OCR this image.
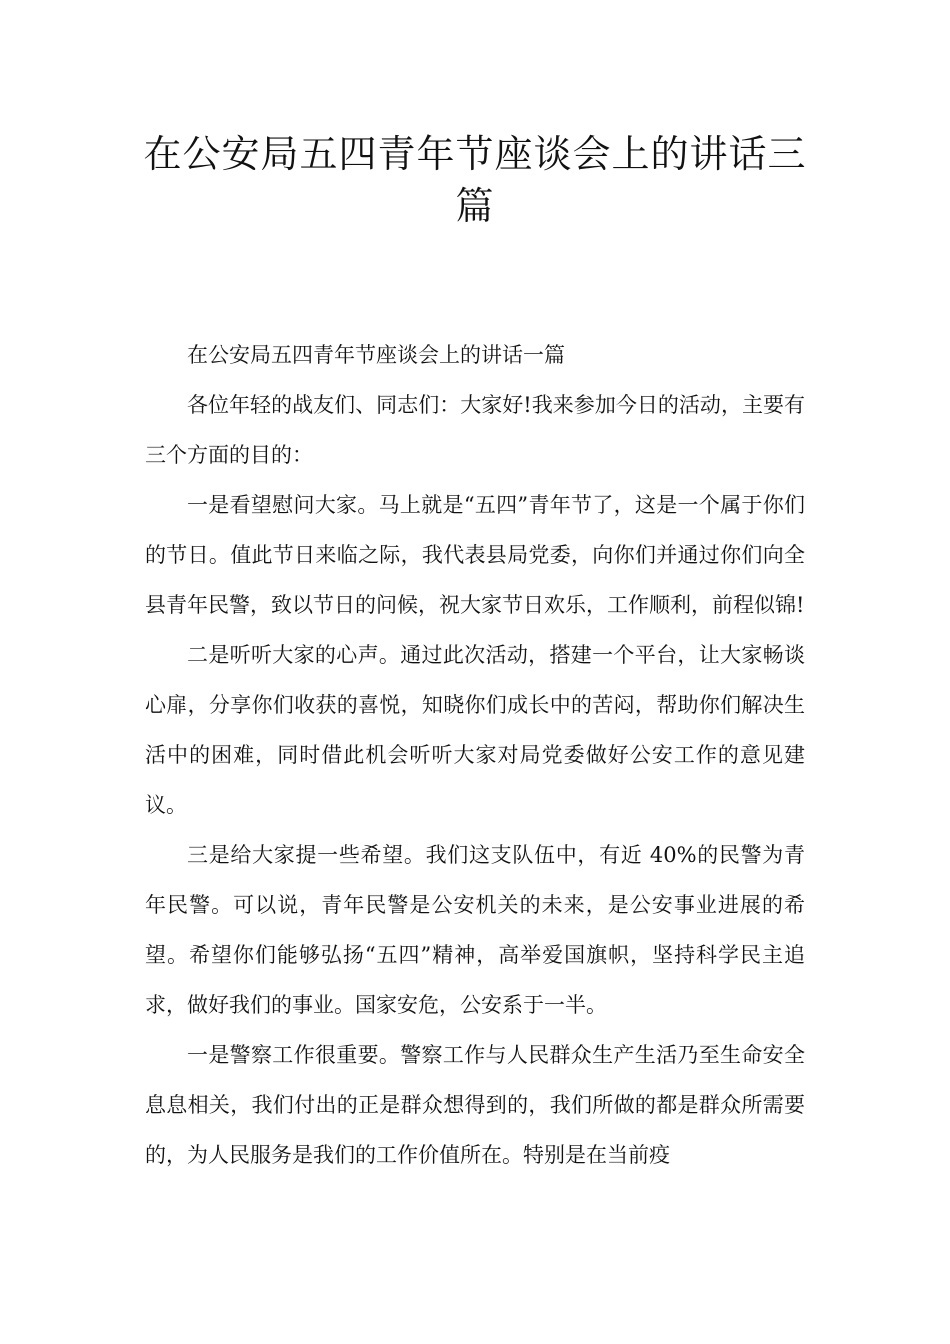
在公安局五四青年节座谈会上的讲话三篇

在公安局五四青年节座谈会上的讲话一篇

各位年轻的战友们、同志们：大家好!我来参加今日的活动，主要有三个方面的目的：

一是看望慰问大家。马上就是“五四”青年节了，这是一个属于你们的节日。值此节日来临之际，我代表县局党委，向你们并通过你们向全县青年民警，致以节日的问候，祝大家节日欢乐，工作顺利，前程似锦!

二是听听大家的心声。通过此次活动，搭建一个平台，让大家畅谈心扉，分享你们收获的喜悦，知晓你们成长中的苦闷，帮助你们解决生活中的困难，同时借此机会听听大家对局党委做好公安工作的意见建议。

三是给大家提一些希望。我们这支队伍中，有近 40%的民警为青年民警。可以说，青年民警是公安机关的未来，是公安事业进展的希望。希望你们能够弘扬“五四”精神，高举爱国旗帜，坚持科学民主追求，做好我们的事业。国家安危，公安系于一半。

一是警察工作很重要。警察工作与人民群众生产生活乃至生命安全息息相关，我们付出的正是群众想得到的，我们所做的都是群众所需要的，为人民服务是我们的工作价值所在。特别是在当前疫
